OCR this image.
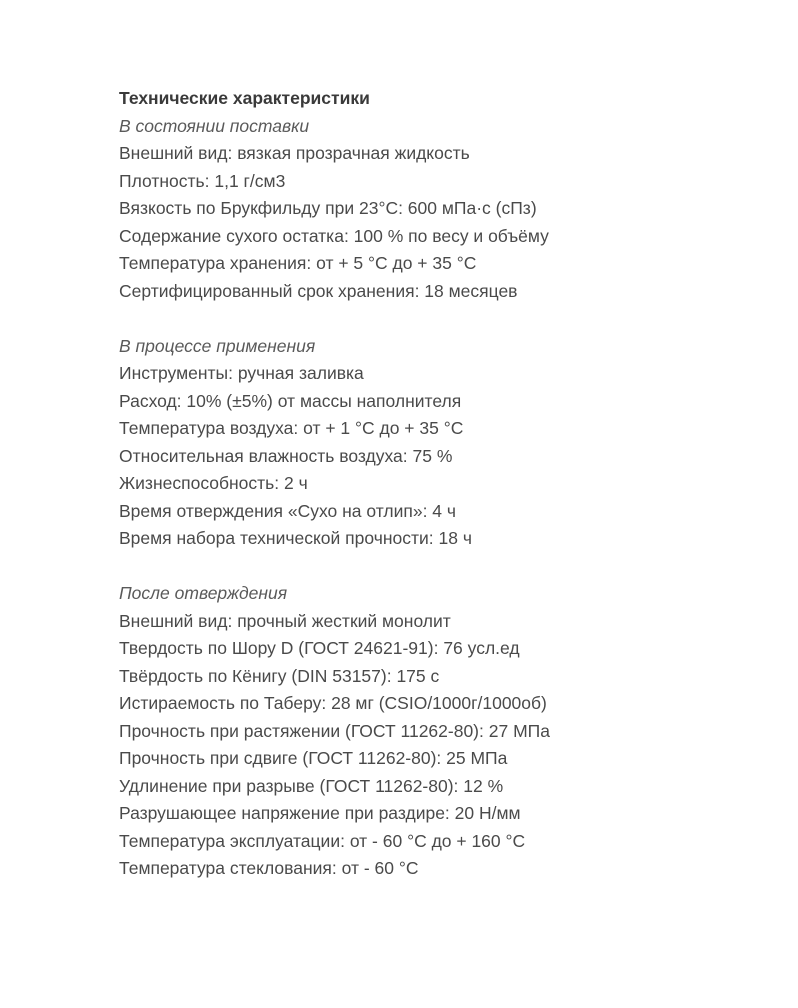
Технические характеристики
В состоянии поставки
Внешний вид: вязкая прозрачная жидкость
Плотность: 1,1 г/см3
Вязкость по Брукфильду при 23°С: 600 мПа·с (сПз)
Содержание сухого остатка: 100 % по весу и объёму
Температура хранения: от + 5 °С до + 35 °С
Сертифицированный срок хранения: 18 месяцев
В процессе применения
Инструменты: ручная заливка
Расход: 10% (±5%) от массы наполнителя
Температура воздуха: от + 1 °С до + 35 °С
Относительная влажность воздуха: 75 %
Жизнеспособность: 2 ч
Время отверждения «Сухо на отлип»: 4 ч
Время набора технической прочности: 18 ч
После отверждения
Внешний вид: прочный жесткий монолит
Твердость по Шору D (ГОСТ 24621-91): 76 усл.ед
Твёрдость по Кёнигу (DIN 53157): 175 с
Истираемость по Таберу: 28 мг (CSIO/1000г/1000об)
Прочность при растяжении (ГОСТ 11262-80): 27 МПа
Прочность при сдвиге (ГОСТ 11262-80): 25 МПа
Удлинение при разрыве (ГОСТ 11262-80): 12 %
Разрушающее напряжение при раздире: 20 Н/мм
Температура эксплуатации: от - 60 °С до + 160 °С
Температура стеклования: от - 60 °С
